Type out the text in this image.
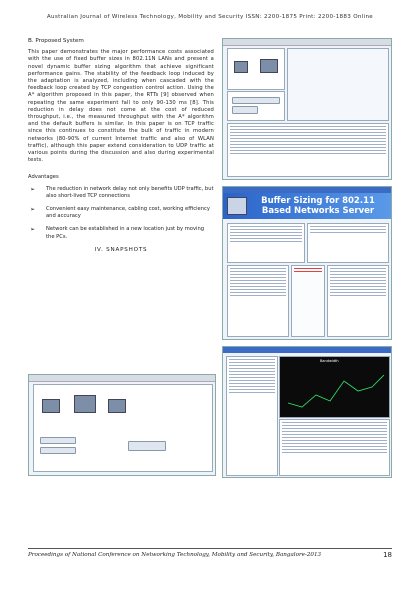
Australian Journal of Wireless Technology, Mobility and Security ISSN: 2200-1875 Print: 2200-1883 Online
B. Proposed System
This paper demonstrates the major performance costs associated with the use of fixed buffer sizes in 802.11N LANs and present a novel dynamic buffer sizing algorithm that achieve significant performance gains. The stability of the feedback loop induced by the adaptation is analyzed, including when cascaded with the feedback loop created by TCP congestion control action. Using the A* algorithm proposed in this paper, the RTTs [9] observed when repeating the same experiment fall to only 90-130 ms [8]. This reduction in delay does not come at the cost of reduced throughput, i.e., the measured throughput with the A* algorithm and the default buffers is similar. In this paper is on TCP traffic since this continues to constitute the bulk of traffic in modern networks (80-90% of current Internet traffic and also of WLAN traffic), although this paper extend consideration to UDP traffic at various points during the discussion and also during experimental tests.
Advantages
➢ The reduction in network delay not only benefits UDP traffic, but also short-lived TCP connections
➢ Convenient easy maintenance, cabling cost, working efficiency and accuracy
➢ Network can be established in a new location just by moving the PCs.
IV. SNAPSHOTS
Buffer Sizing for 802.11 Based Networks Server
Bandwidth
Proceedings of National Conference on Networking Technology, Mobility and Security, Bangalore-2013	18
